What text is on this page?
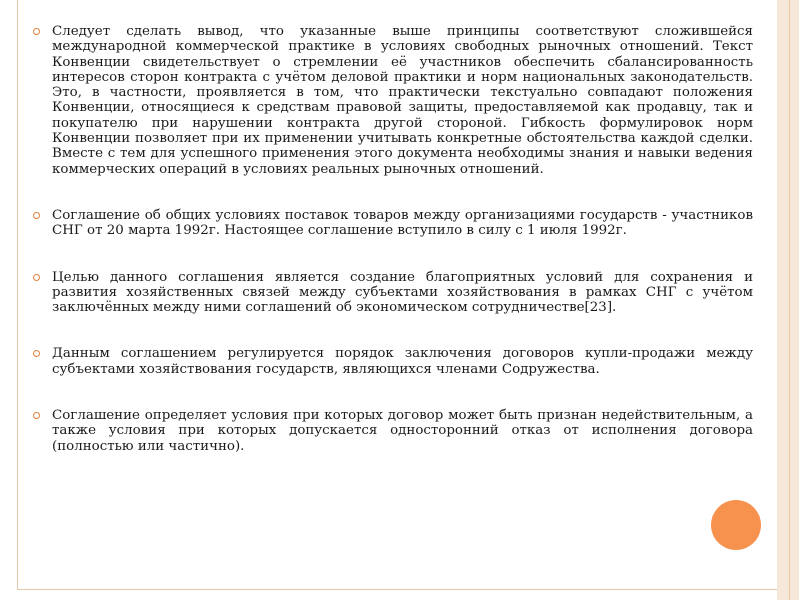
Следует сделать вывод, что указанные выше принципы соответствуют сложившейся международной коммерческой практике в условиях свободных рыночных отношений. Текст Конвенции свидетельствует о стремлении её участников обеспечить сбалансированность интересов сторон контракта с учётом деловой практики и норм национальных законодательств. Это, в частности, проявляется в том, что практически текстуально совпадают положения Конвенции, относящиеся к средствам правовой защиты, предоставляемой как продавцу, так и покупателю при нарушении контракта другой стороной. Гибкость формулировок норм Конвенции позволяет при их применении учитывать конкретные обстоятельства каждой сделки. Вместе с тем для успешного применения этого документа необходимы знания и навыки ведения коммерческих операций в условиях реальных рыночных отношений.
Соглашение об общих условиях поставок товаров между организациями государств - участников СНГ от 20 марта 1992г. Настоящее соглашение вступило в силу с 1 июля 1992г.
Целью данного соглашения является создание благоприятных условий для сохранения и развития хозяйственных связей между субъектами хозяйствования в рамках СНГ с учётом заключённых между ними соглашений об экономическом сотрудничестве[23].
Данным соглашением регулируется порядок заключения договоров купли-продажи между субъектами хозяйствования государств, являющихся членами Содружества.
Соглашение определяет условия при которых договор может быть признан недействительным, а также условия при которых допускается односторонний отказ от исполнения договора (полностью или частично).
